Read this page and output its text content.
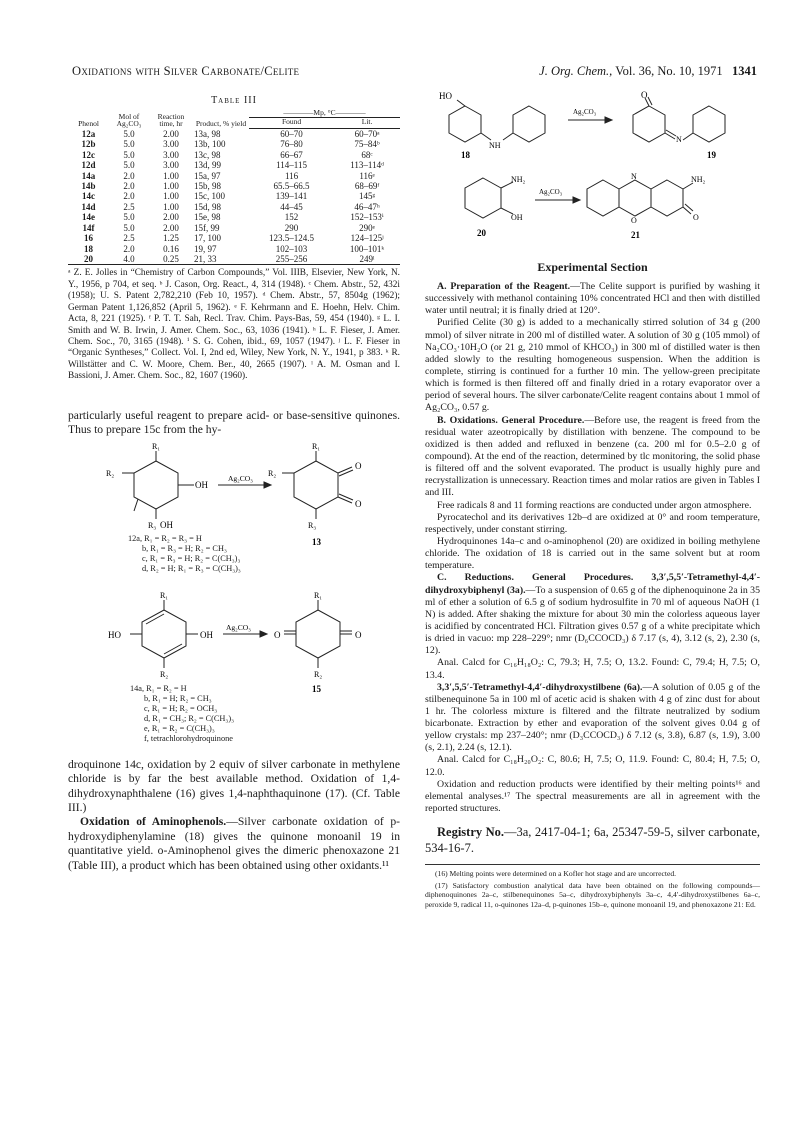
Oxidations with Silver Carbonate/Celite	J. Org. Chem., Vol. 36, No. 10, 1971 1341
Table III
Phenol	Mol of Ag₂CO₃	Reaction time, hr	Product, % yield	————Mp, °C————	
				Found	Lit.
12a	5.0	2.00	13a, 98	60–70	60–70ᵃ
12b	5.0	3.00	13b, 100	76–80	75–84ᵇ
12c	5.0	3.00	13c, 98	66–67	68ᶜ
12d	5.0	3.00	13d, 99	114–115	113–114ᵈ
14a	2.0	1.00	15a, 97	116	116ᵉ
14b	2.0	1.00	15b, 98	65.5–66.5	68–69ᶠ
14c	2.0	1.00	15c, 100	139–141	145ᵍ
14d	2.5	1.00	15d, 98	44–45	46–47ʰ
14e	5.0	2.00	15e, 98	152	152–153ⁱ
14f	5.0	2.00	15f, 99	290	290ᵉ
16	2.5	1.25	17, 100	123.5–124.5	124–125ʲ
18	2.0	0.16	19, 97	102–103	100–101ᵏ
20	4.0	0.25	21, 33	255–256	249ˡ

ᵃ Z. E. Jolles in “Chemistry of Carbon Compounds,” Vol. IIIB, Elsevier, New York, N. Y., 1956, p 704, et seq. ᵇ J. Cason, Org. React., 4, 314 (1948). ᶜ Chem. Abstr., 52, 432i (1958); U. S. Patent 2,782,210 (Feb 10, 1957). ᵈ Chem. Abstr., 57, 8504g (1962); German Patent 1,126,852 (April 5, 1962). ᵉ F. Kehrmann and E. Hoehn, Helv. Chim. Acta, 8, 221 (1925). ᶠ P. T. T. Sah, Recl. Trav. Chim. Pays-Bas, 59, 454 (1940). ᵍ L. I. Smith and W. B. Irwin, J. Amer. Chem. Soc., 63, 1036 (1941). ʰ L. F. Fieser, J. Amer. Chem. Soc., 70, 3165 (1948). ⁱ S. G. Cohen, ibid., 69, 1057 (1947). ʲ L. F. Fieser in “Organic Syntheses,” Collect. Vol. I, 2nd ed, Wiley, New York, N. Y., 1941, p 383. ᵏ R. Willstätter and C. W. Moore, Chem. Ber., 40, 2665 (1907). ˡ A. M. Osman and I. Bassioni, J. Amer. Chem. Soc., 82, 1607 (1960).

particularly useful reagent to prepare acid- or base-sensitive quinones. Thus to prepare 15c from the hy-

R₁
R₂
OH
R₃ OH
Ag₂CO₃
R₁
R₂
O
O
R₃
13
12a, R₁ = R₂ = R₃ = H
b, R₁ = R₃ = H; R₂ = CH₃
c, R₁ = R₃ = H; R₂ = C(CH₃)₃
d, R₂ = H; R₁ = R₃ = C(CH₃)₃
R₁
HO	OH
R₂
Ag₂CO₃
R₁
O	O
R₂
15
14a, R₁ = R₂ = H
b, R₁ = H; R₂ = CH₃
c, R₁ = H; R₂ = OCH₃
d, R₁ = CH₃; R₂ = C(CH₃)₃
e, R₁ = R₂ = C(CH₃)₃
f, tetrachlorohydroquinone

droquinone 14c, oxidation by 2 equiv of silver carbonate in methylene chloride is by far the best available method. Oxidation of 1,4-dihydroxynaphthalene (16) gives 1,4-naphthaquinone (17). (Cf. Table III.)

Oxidation of Aminophenols.—Silver carbonate oxidation of p-hydroxydiphenylamine (18) gives the quinone monoanil 19 in quantitative yield. o-Aminophenol gives the dimeric phenoxazone 21 (Table III), a product which has been obtained using other oxidants.¹¹

HO
NH
18
Ag₂CO₃
O
N
19
NH₂
OH
20
Ag₂CO₃
N
O
NH₂
O
21
Experimental Section

A. Preparation of the Reagent.—The Celite support is purified by washing it successively with methanol containing 10% concentrated HCl and then with distilled water until neutral; it is finally dried at 120°.

Purified Celite (30 g) is added to a mechanically stirred solution of 34 g (200 mmol) of silver nitrate in 200 ml of distilled water. A solution of 30 g (105 mmol) of Na₂CO₃·10H₂O (or 21 g, 210 mmol of KHCO₃) in 300 ml of distilled water is then added slowly to the resulting homogeneous suspension. When the addition is complete, stirring is continued for a further 10 min. The yellow-green precipitate which is formed is then filtered off and finally dried in a rotary evaporator over a period of several hours. The silver carbonate/Celite reagent contains about 1 mmol of Ag₂CO₃, 0.57 g.

B. Oxidations. General Procedure.—Before use, the reagent is freed from the residual water azeotropically by distillation with benzene. The compound to be oxidized is then added and refluxed in benzene (ca. 200 ml for 0.5–2.0 g of compound). At the end of the reaction, determined by tlc monitoring, the solid phase is filtered off and the solvent evaporated. The product is usually highly pure and recrystallization is unnecessary. Reaction times and molar ratios are given in Tables I and III.

Free radicals 8 and 11 forming reactions are conducted under argon atmosphere.

Pyrocatechol and its derivatives 12b–d are oxidized at 0° and room temperature, respectively, under constant stirring.

Hydroquinones 14a–c and o-aminophenol (20) are oxidized in boiling methylene chloride. The oxidation of 18 is carried out in the same solvent but at room temperature.

C. Reductions. General Procedures. 3,3′,5,5′-Tetramethyl-4,4′-dihydroxybiphenyl (3a).—To a suspension of 0.65 g of the diphenoquinone 2a in 35 ml of ether a solution of 6.5 g of sodium hydrosulfite in 70 ml of aqueous NaOH (1 N) is added. After shaking the mixture for about 30 min the colorless aqueous layer is acidified by concentrated HCl. Filtration gives 0.57 g of a white precipitate which is dried in vacuo: mp 228–229°; nmr (D₆CCOCD₃) δ 7.17 (s, 4), 3.12 (s, 2), 2.30 (s, 12).

Anal. Calcd for C₁₆H₁₈O₂: C, 79.3; H, 7.5; O, 13.2. Found: C, 79.4; H, 7.5; O, 13.4.

3,3′,5,5′-Tetramethyl-4,4′-dihydroxystilbene (6a).—A solution of 0.05 g of the stilbenequinone 5a in 100 ml of acetic acid is shaken with 4 g of zinc dust for about 1 hr. The colorless mixture is filtered and the filtrate neutralized by sodium bicarbonate. Extraction by ether and evaporation of the solvent gives 0.04 g of yellow crystals: mp 237–240°; nmr (D₃CCOCD₃) δ 7.12 (s, 3.8), 6.87 (s, 1.9), 3.00 (s, 2.1), 2.24 (s, 12.1).

Anal. Calcd for C₁₈H₂₀O₂: C, 80.6; H, 7.5; O, 11.9. Found: C, 80.4; H, 7.5; O, 12.0.

Oxidation and reduction products were identified by their melting points¹⁶ and elemental analyses.¹⁷ The spectral measurements are all in agreement with the reported structures.

Registry No.—3a, 2417-04-1; 6a, 25347-59-5, silver carbonate, 534-16-7.

(16) Melting points were determined on a Kofler hot stage and are uncorrected.

(17) Satisfactory combustion analytical data have been obtained on the following compounds—diphenoquinones 2a–c, stilbenequinones 5a–c, dihydroxybiphenyls 3a–c, 4,4′-dihydroxystilbenes 6a–c, peroxide 9, radical 11, o-quinones 12a–d, p-quinones 15b–e, quinone monoanil 19, and phenoxazone 21: Ed.
